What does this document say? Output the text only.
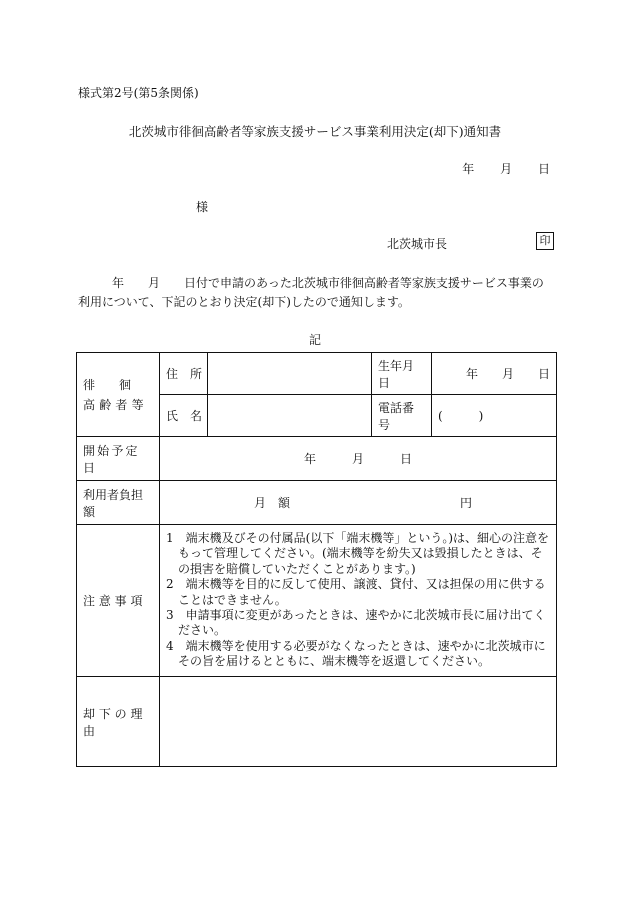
様式第2号(第5条関係)
北茨城市徘徊高齢者等家族支援サービス事業利用決定(却下)通知書
年 月 日
様
北茨城市長	印
年 月 日付で申請のあった北茨城市徘徊高齢者等家族支援サービス事業の利用について、下記のとおり決定(却下)したので通知します。
記
徘　　徊
高齢者等	住　所		生年月日	年　　月　　日
	氏　名		電話番号	(　　　)
開始予定日	年　　　月　　　日			
利用者負担額	月　額 円			
注 意 事 項	1　端末機及びその付属品(以下「端末機等」という。)は、細心の注意をもって管理してください。(端末機等を紛失又は毀損したときは、その損害を賠償していただくことがあります。)
2　端末機等を目的に反して使用、譲渡、貸付、又は担保の用に供することはできません。
3　申請事項に変更があったときは、速やかに北茨城市長に届け出てください。
4　端末機等を使用する必要がなくなったときは、速やかに北茨城市にその旨を届けるとともに、端末機等を返還してください。			

却 下 の 理 由				
